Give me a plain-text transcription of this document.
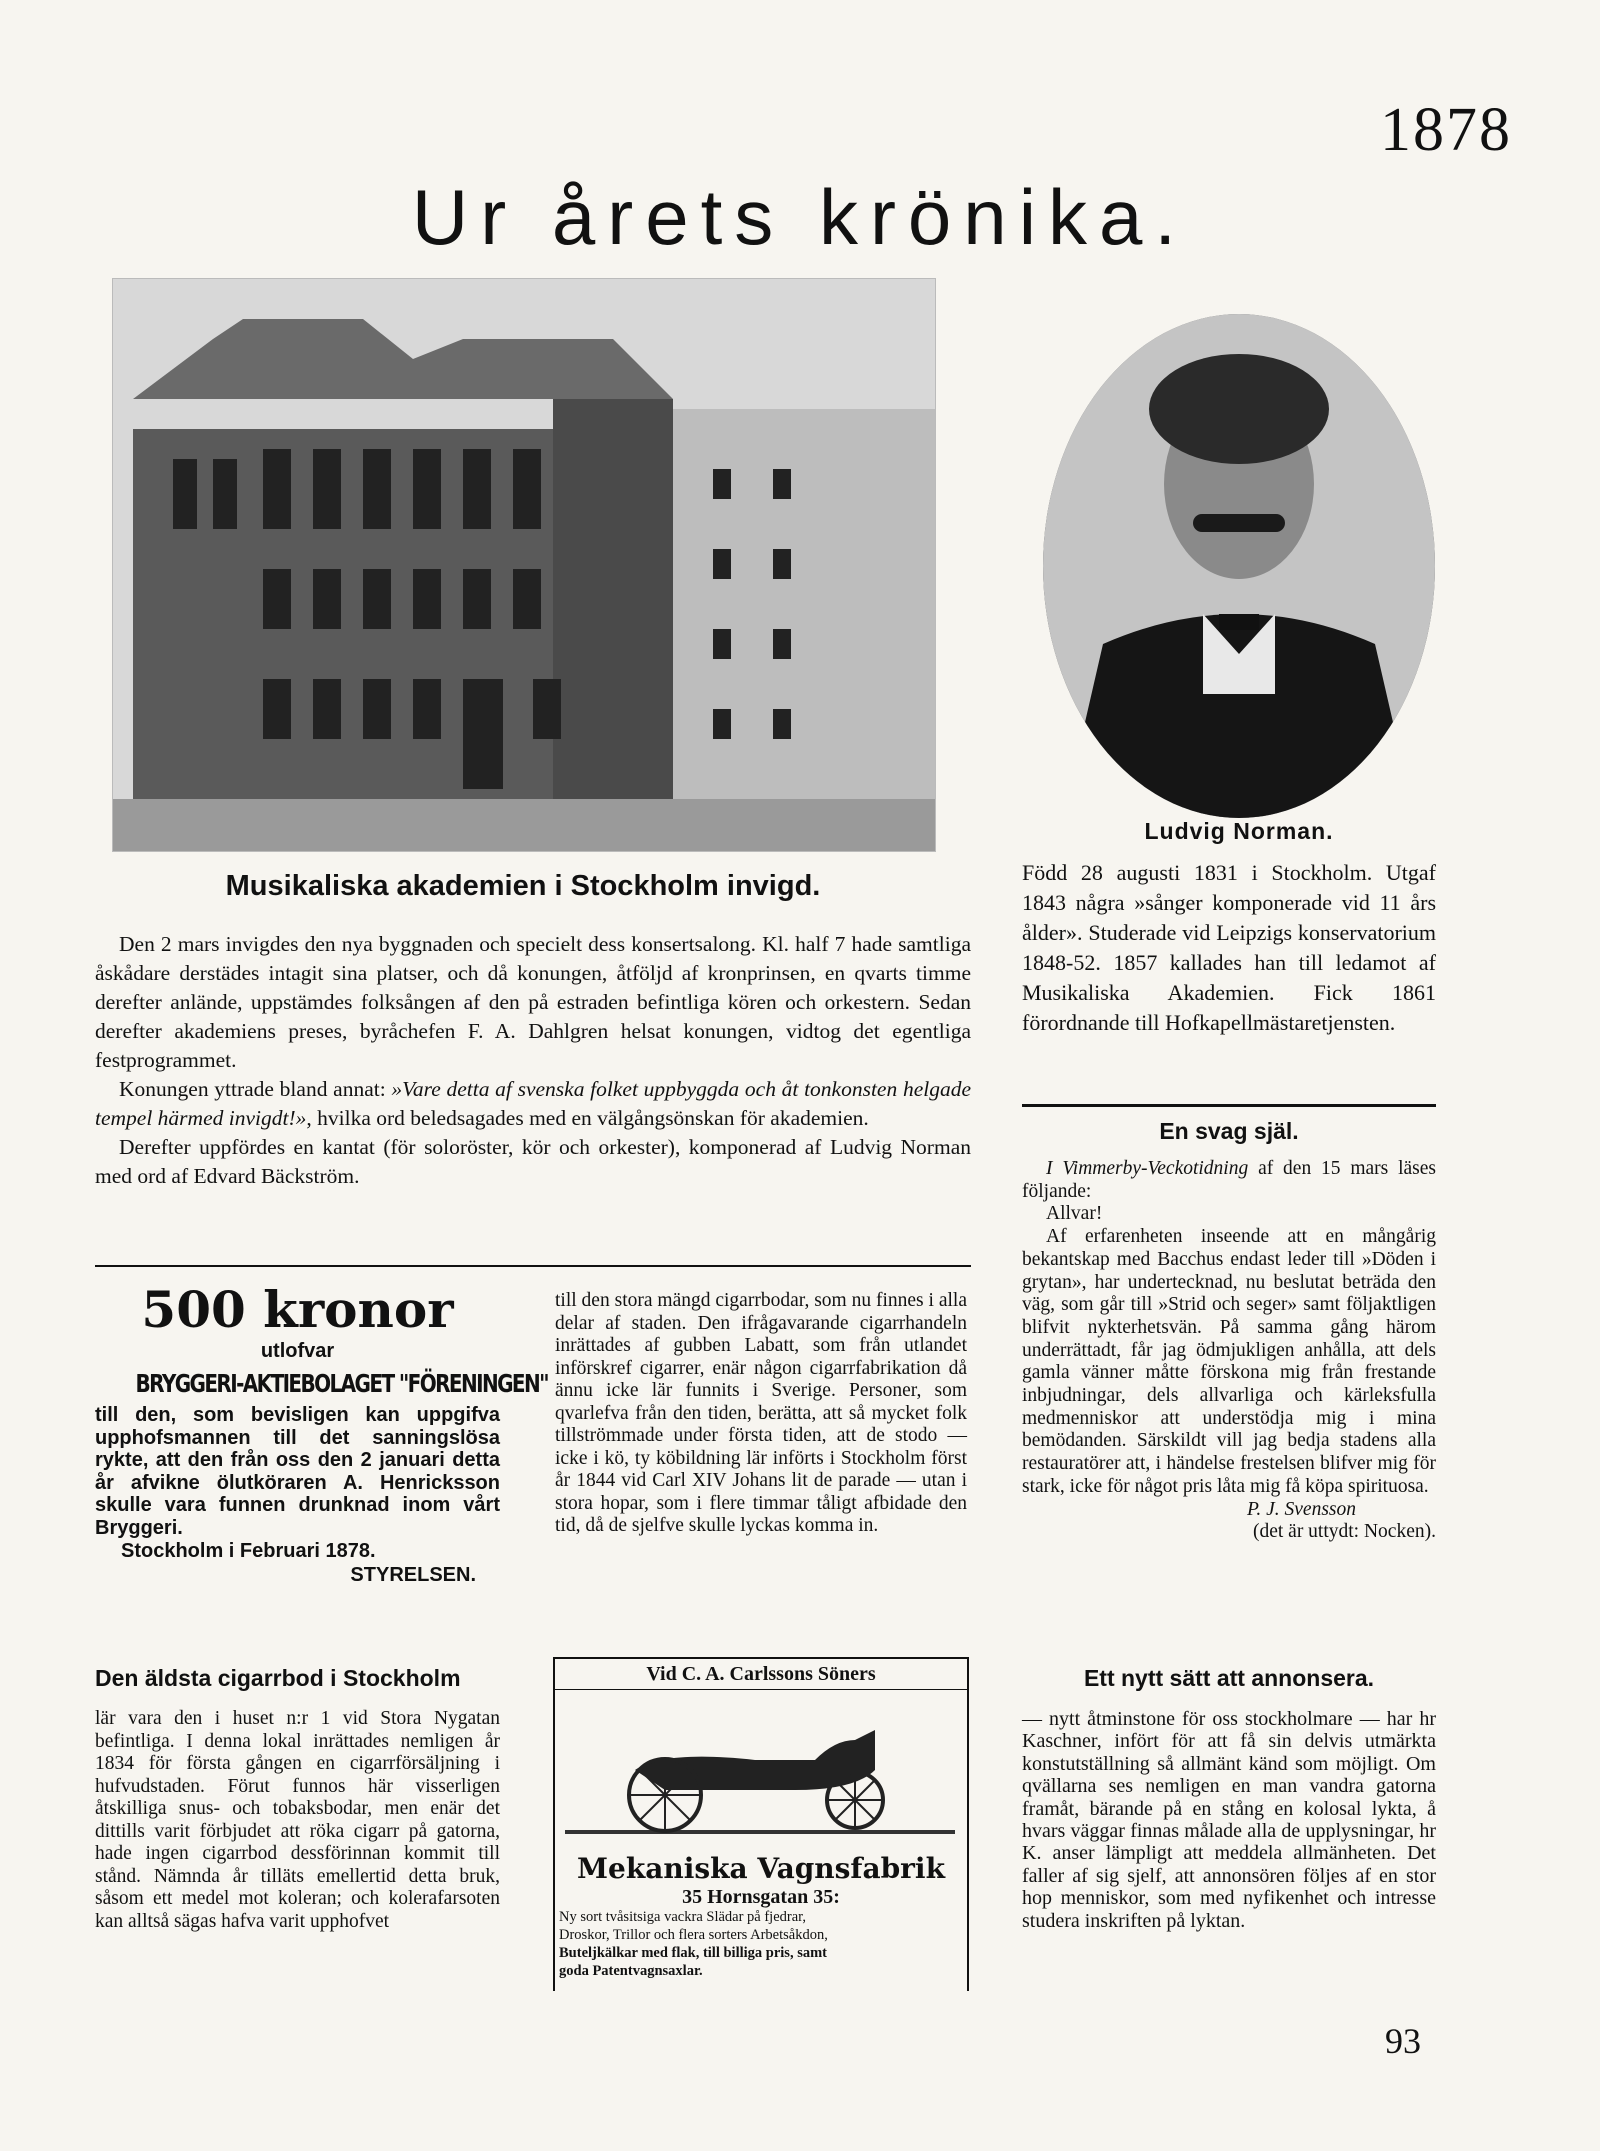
1878
Ur årets krönika.
Musikaliska akademien i Stockholm invigd.

Den 2 mars invigdes den nya byggnaden och specielt dess konsertsalong. Kl. half 7 hade samtliga åskådare derstädes intagit sina platser, och då konungen, åtföljd af kronprinsen, en qvarts timme derefter anlände, uppstämdes folksången af den på estraden befintliga kören och orkestern. Sedan derefter akademiens preses, byråchefen F. A. Dahlgren helsat konungen, vidtog det egentliga festprogrammet.

Konungen yttrade bland annat: »Vare detta af svenska folket uppbyggda och åt tonkonsten helgade tempel härmed invigdt!», hvilka ord beledsagades med en välgångsönskan för akademien.

Derefter uppfördes en kantat (för soloröster, kör och orkester), komponerad af Ludvig Norman med ord af Edvard Bäckström.

Ludvig Norman.
Född 28 augusti 1831 i Stockholm. Utgaf 1843 några »sånger komponerade vid 11 års ålder». Studerade vid Leipzigs konservatorium 1848-52. 1857 kallades han till ledamot af Musikaliska Akademien. Fick 1861 förordnande till Hofkapellmästaretjensten.
En svag själ.

I Vimmerby-Veckotidning af den 15 mars läses följande:

Allvar!

Af erfarenheten inseende att en mångårig bekantskap med Bacchus endast leder till »Döden i grytan», har undertecknad, nu beslutat beträda den väg, som går till »Strid och seger» samt följaktligen blifvit nykterhetsvän. På samma gång härom underrättadt, får jag ödmjukligen anhålla, att dels gamla vänner måtte förskona mig från frestande inbjudningar, dels allvarliga och kärleksfulla medmenniskor att understödja mig i mina bemödanden. Särskildt vill jag bedja stadens alla restauratörer att, i händelse frestelsen blifver mig för stark, icke för något pris låta mig få köpa spirituosa.

P. J. Svensson

(det är uttydt: Nocken).

500 kronor
utlofvar
BRYGGERI-AKTIEBOLAGET "FÖRENINGEN"
till den, som bevisligen kan uppgifva upphofsmannen till det sanningslösa rykte, att den från oss den 2 januari detta år afvikne ölutköraren A. Henricksson skulle vara funnen drunknad inom vårt Bryggeri.
Stockholm i Februari 1878.
STYRELSEN.
till den stora mängd cigarrbodar, som nu finnes i alla delar af staden. Den ifrågavarande cigarrhandeln inrättades af gubben Labatt, som från utlandet införskref cigarrer, enär någon cigarrfabrikation då ännu icke lär funnits i Sverige. Personer, som qvarlefva från den tiden, berätta, att så mycket folk tillströmmade under första tiden, att de stodo — icke i kö, ty köbildning lär införts i Stockholm först år 1844 vid Carl XIV Johans lit de parade — utan i stora hopar, som i flere timmar tåligt afbidade den tid, då de sjelfve skulle lyckas komma in.
Den äldsta cigarrbod i Stockholm
lär vara den i huset n:r 1 vid Stora Nygatan befintliga. I denna lokal inrättades nemligen år 1834 för första gången en cigarrförsäljning i hufvudstaden. Förut funnos här visserligen åtskilliga snus- och tobaksbodar, men enär det dittills varit förbjudet att röka cigarr på gatorna, hade ingen cigarrbod dessförinnan kommit till stånd. Nämnda år tilläts emellertid detta bruk, såsom ett medel mot koleran; och kolerafarsoten kan alltså sägas hafva varit upphofvet
Vid C. A. Carlssons Söners
Mekaniska Vagnsfabrik
35 Hornsgatan 35:
Ny sort tvåsitsiga vackra Slädar på fjedrar,
Droskor, Trillor och flera sorters Arbetsåkdon,
Buteljkälkar med flak, till billiga pris, samt
goda Patentvagnsaxlar.
Ett nytt sätt att annonsera.
— nytt åtminstone för oss stockholmare — har hr Kaschner, infört för att få sin delvis utmärkta konstutställning så allmänt känd som möjligt. Om qvällarna ses nemligen en man vandra gatorna framåt, bärande på en stång en kolosal lykta, å hvars väggar finnas målade alla de upplysningar, hr K. anser lämpligt att meddela allmänheten. Det faller af sig sjelf, att annonsören följes af en stor hop menniskor, som med nyfikenhet och intresse studera inskriften på lyktan.
93
